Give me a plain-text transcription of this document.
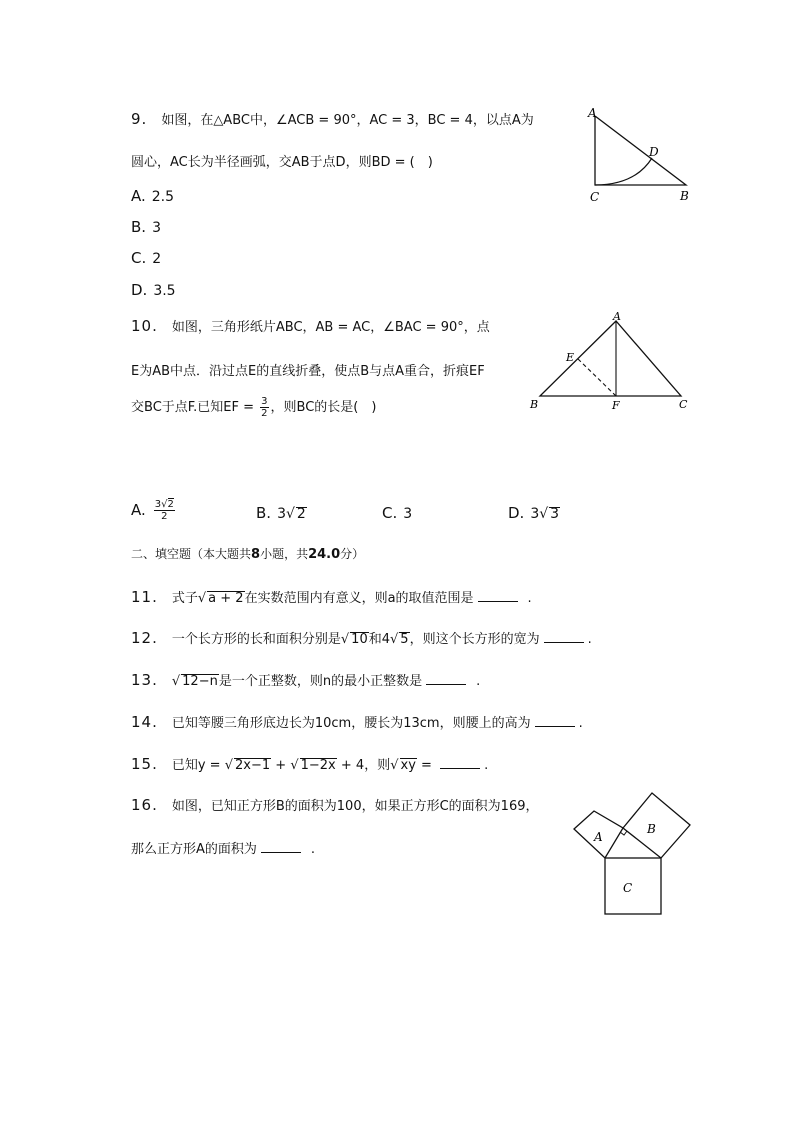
9. 如图，在△ABC中，∠ACB = 90°，AC = 3，BC = 4，以点A为
圆心，AC长为半径画弧，交AB于点D，则BD = (　)
A. 2.5
B. 3
C. 2
D. 3.5
A
D
C	B
10. 如图，三角形纸片ABC，AB = AC，∠BAC = 90°，点
E为AB中点．沿过点E的直线折叠，使点B与点A重合，折痕EF
交BC于点F.已知EF = $\frac{3}{2}$ ，则BC的长是(　)
A
E
B	F	C
A. $\frac{3√2}{2}$	B. 3√ 2	C. 3	D. 3√ 3
二、填空题（本大题共8小题，共24.0分）
11. 式子√ a + 2在实数范围内有意义，则a的取值范围是	.
12. 一个长方形的长和面积分别是√ 10和4√ 5，则这个长方形的宽为	.
13. √ 12−n是一个正整数，则n的最小正整数是	.
14. 已知等腰三角形底边长为10cm，腰长为13cm，则腰上的高为	.
15. 已知y = √ 2x−1 + √ 1−2x + 4，则√ xy =	.
16. 如图，已知正方形B的面积为100，如果正方形C的面积为169，
那么正方形A的面积为	.
A
B
C
